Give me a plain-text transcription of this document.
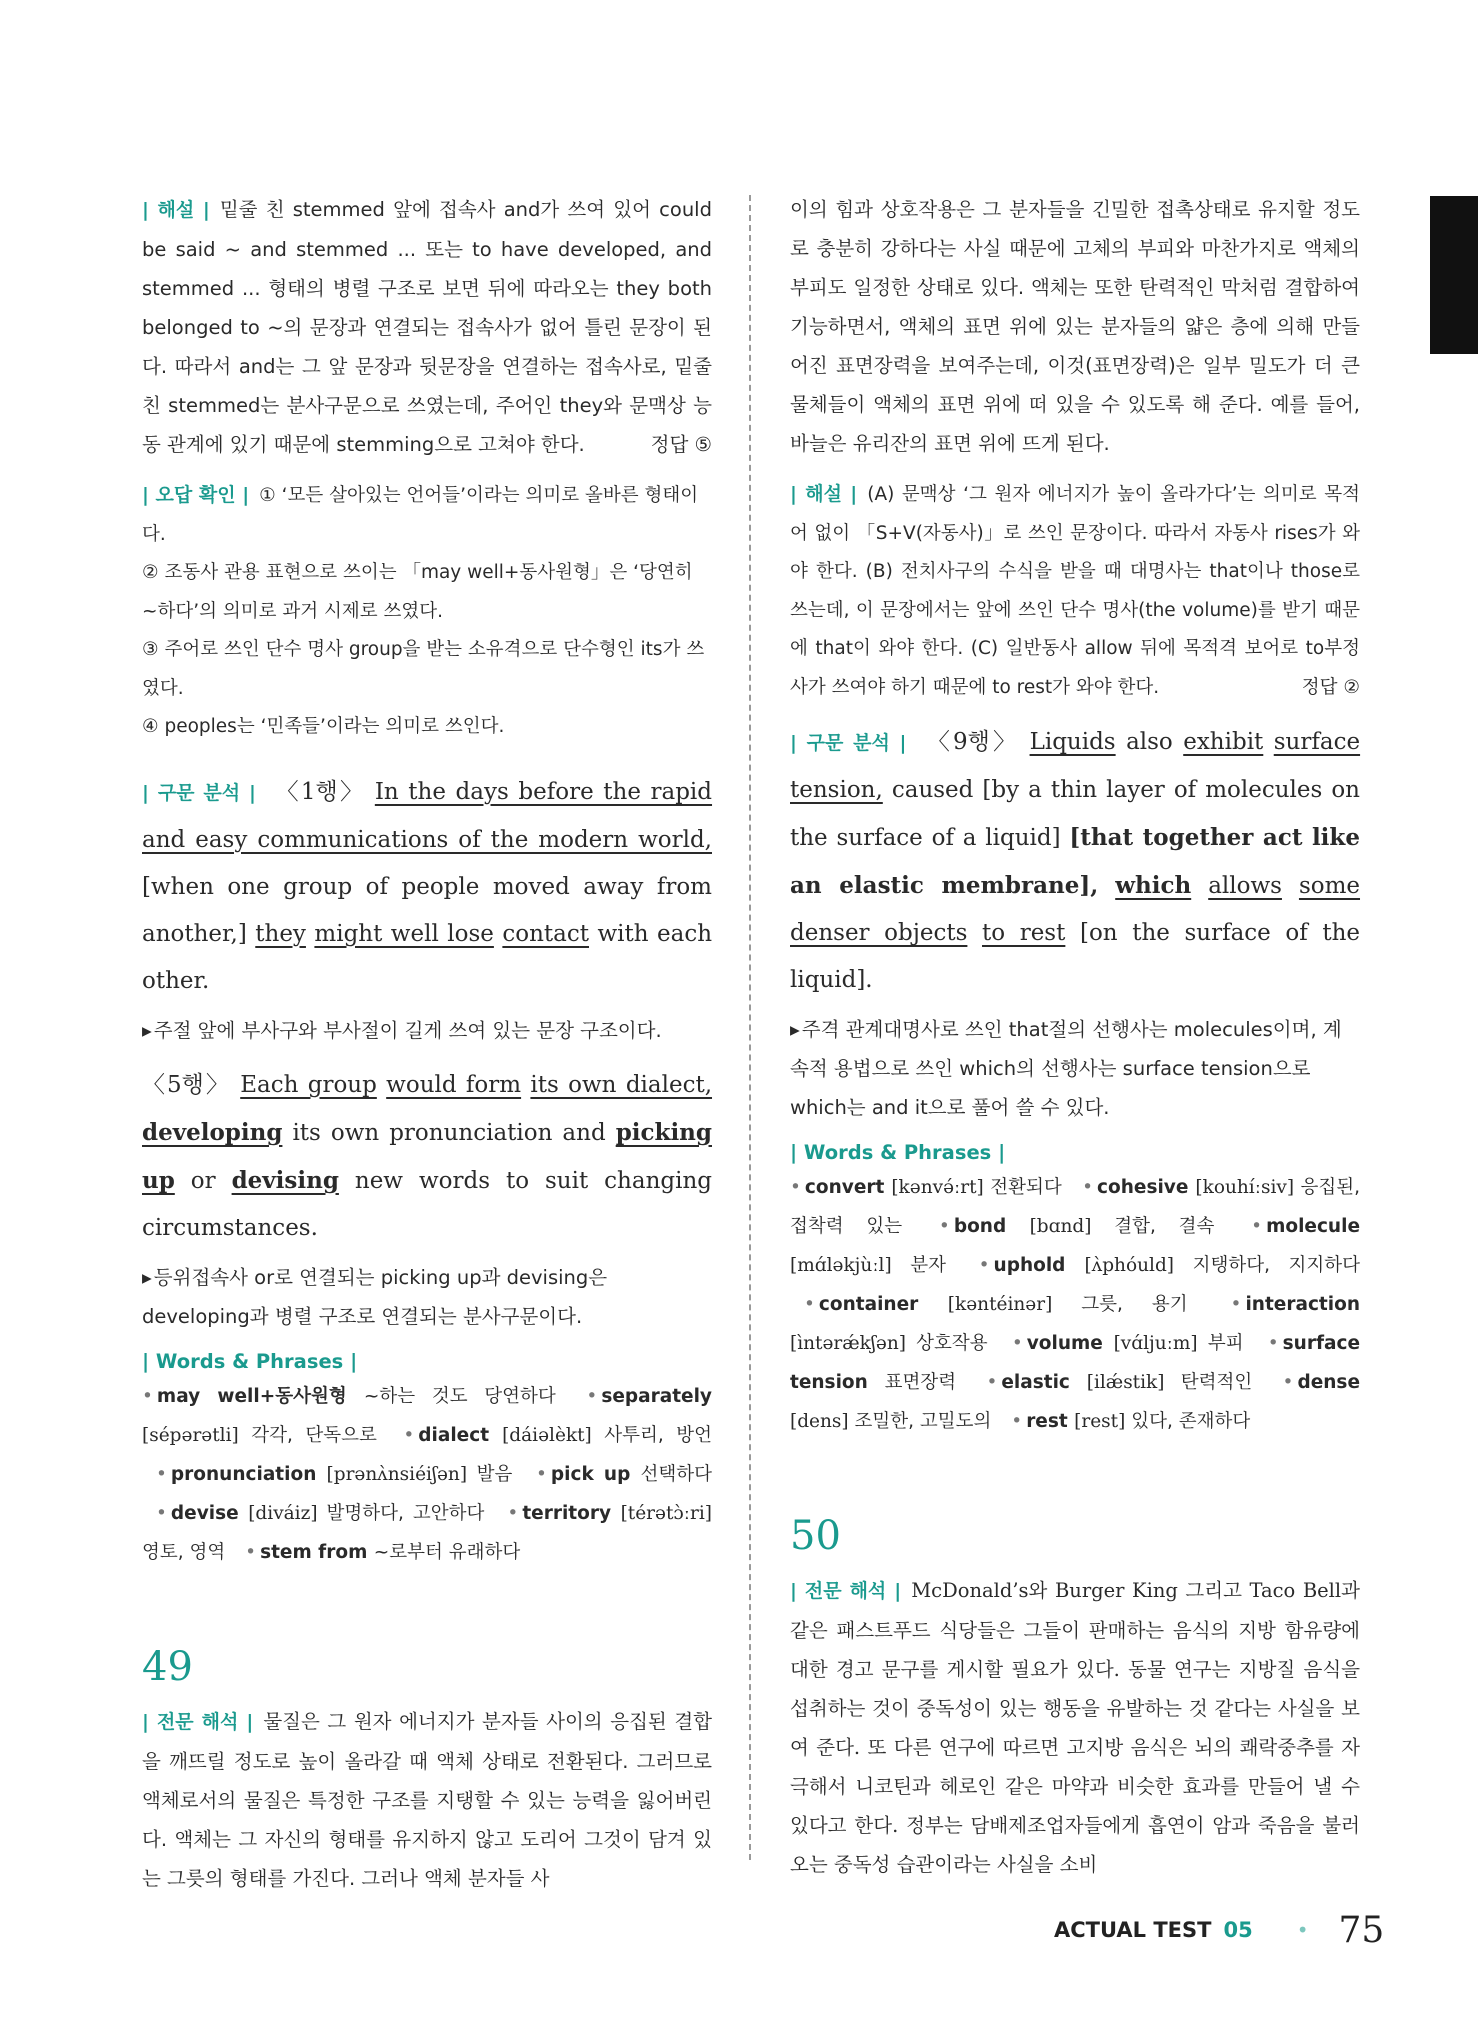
| 해설 | 밑줄 친 stemmed 앞에 접속사 and가 쓰여 있어 could be said ~ and stemmed ... 또는 to have developed, and stemmed ... 형태의 병렬 구조로 보면 뒤에 따라오는 they both belonged to ~의 문장과 연결되는 접속사가 없어 틀린 문장이 된다. 따라서 and는 그 앞 문장과 뒷문장을 연결하는 접속사로, 밑줄 친 stemmed는 분사구문으로 쓰였는데, 주어인 they와 문맥상 능동 관계에 있기 때문에 stemming으로 고쳐야 한다.	정답 ⑤

| 오답 확인 | ① ‘모든 살아있는 언어들’이라는 의미로 올바른 형태이다.

② 조동사 관용 표현으로 쓰이는 「may well+동사원형」은 ‘당연히 ~하다’의 의미로 과거 시제로 쓰였다.

③ 주어로 쓰인 단수 명사 group을 받는 소유격으로 단수형인 its가 쓰였다.

④ peoples는 ‘민족들’이라는 의미로 쓰인다.

| 구문 분석 | 〈1행〉 In the days before the rapid and easy communications of the modern world, [when one group of people moved away from another,] they might well lose contact with each other.

▸ 주절 앞에 부사구와 부사절이 길게 쓰여 있는 문장 구조이다.

〈5행〉 Each group would form its own dialect, developing its own pronunciation and picking up or devising new words to suit changing circumstances.

▸ 등위접속사 or로 연결되는 picking up과 devising은 developing과 병렬 구조로 연결되는 분사구문이다.

| Words & Phrases |

• may well+동사원형 ~하는 것도 당연하다 • separately [sépərətli] 각각, 단독으로 • dialect [dáiəlèkt] 사투리, 방언 • pronunciation [prənʌ̀nsiéiʃən] 발음 • pick up 선택하다 • devise [diváiz] 발명하다, 고안하다 • territory [térətɔ̀ːri] 영토, 영역 • stem from ~로부터 유래하다

49

| 전문 해석 | 물질은 그 원자 에너지가 분자들 사이의 응집된 결합을 깨뜨릴 정도로 높이 올라갈 때 액체 상태로 전환된다. 그러므로 액체로서의 물질은 특정한 구조를 지탱할 수 있는 능력을 잃어버린다. 액체는 그 자신의 형태를 유지하지 않고 도리어 그것이 담겨 있는 그릇의 형태를 가진다. 그러나 액체 분자들 사

이의 힘과 상호작용은 그 분자들을 긴밀한 접촉상태로 유지할 정도로 충분히 강하다는 사실 때문에 고체의 부피와 마찬가지로 액체의 부피도 일정한 상태로 있다. 액체는 또한 탄력적인 막처럼 결합하여 기능하면서, 액체의 표면 위에 있는 분자들의 얇은 층에 의해 만들어진 표면장력을 보여주는데, 이것(표면장력)은 일부 밀도가 더 큰 물체들이 액체의 표면 위에 떠 있을 수 있도록 해 준다. 예를 들어, 바늘은 유리잔의 표면 위에 뜨게 된다.

| 해설 | (A) 문맥상 ‘그 원자 에너지가 높이 올라가다’는 의미로 목적어 없이 「S+V(자동사)」로 쓰인 문장이다. 따라서 자동사 rises가 와야 한다. (B) 전치사구의 수식을 받을 때 대명사는 that이나 those로 쓰는데, 이 문장에서는 앞에 쓰인 단수 명사(the volume)를 받기 때문에 that이 와야 한다. (C) 일반동사 allow 뒤에 목적격 보어로 to부정사가 쓰여야 하기 때문에 to rest가 와야 한다.	정답 ②

| 구문 분석 | 〈9행〉 Liquids also exhibit surface tension, caused [by a thin layer of molecules on the surface of a liquid] [that together act like an elastic membrane], which allows some denser objects to rest [on the surface of the liquid].

▸ 주격 관계대명사로 쓰인 that절의 선행사는 molecules이며, 계속적 용법으로 쓰인 which의 선행사는 surface tension으로 which는 and it으로 풀어 쓸 수 있다.

| Words & Phrases |

• convert [kənvə́ːrt] 전환되다 • cohesive [kouhíːsiv] 응집된, 접착력 있는 • bond [bɑnd] 결합, 결속 • molecule [mɑ́ləkjùːl] 분자 • uphold [ʌ̀phóuld] 지탱하다, 지지하다 • container [kəntéinər] 그릇, 용기 • interaction [ìntərǽkʃən] 상호작용 • volume [vɑ́ljuːm] 부피 • surface tension 표면장력 • elastic [ilǽstik] 탄력적인 • dense [dens] 조밀한, 고밀도의 • rest [rest] 있다, 존재하다

50

| 전문 해석 | McDonald’s와 Burger King 그리고 Taco Bell과 같은 패스트푸드 식당들은 그들이 판매하는 음식의 지방 함유량에 대한 경고 문구를 게시할 필요가 있다. 동물 연구는 지방질 음식을 섭취하는 것이 중독성이 있는 행동을 유발하는 것 같다는 사실을 보여 준다. 또 다른 연구에 따르면 고지방 음식은 뇌의 쾌락중추를 자극해서 니코틴과 헤로인 같은 마약과 비슷한 효과를 만들어 낼 수 있다고 한다. 정부는 담배제조업자들에게 흡연이 암과 죽음을 불러 오는 중독성 습관이라는 사실을 소비

ACTUAL TEST 05 • 75
